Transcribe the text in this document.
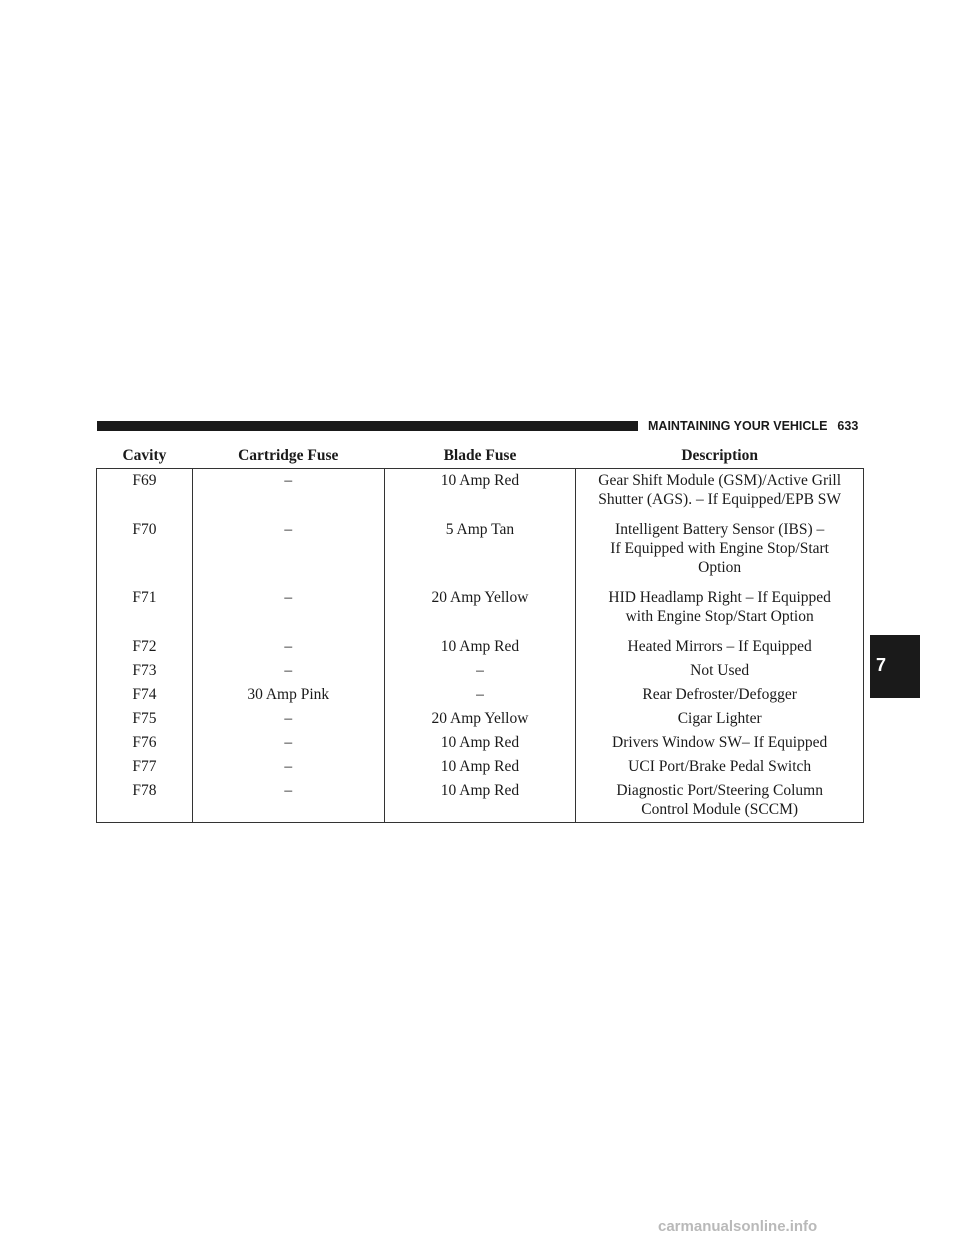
MAINTAINING YOUR VEHICLE 633
Cavity	Cartridge Fuse	Blade Fuse	Description
F69	–	10 Amp Red	Gear Shift Module (GSM)/Active Grill
Shutter (AGS). – If Equipped/EPB SW

F70	–	5 Amp Tan	Intelligent Battery Sensor (IBS) –
If Equipped with Engine Stop/Start
Option

F71	–	20 Amp Yellow	HID Headlamp Right – If Equipped
with Engine Stop/Start Option

F72	–	10 Amp Red	Heated Mirrors – If Equipped

F73	–	–	Not Used

F74	30 Amp Pink	–	Rear Defroster/Defogger

F75	–	20 Amp Yellow	Cigar Lighter

F76	–	10 Amp Red	Drivers Window SW– If Equipped

F77	–	10 Amp Red	UCI Port/Brake Pedal Switch

F78	–	10 Amp Red	Diagnostic Port/Steering Column
Control Module (SCCM)
7
carmanualsonline.info
